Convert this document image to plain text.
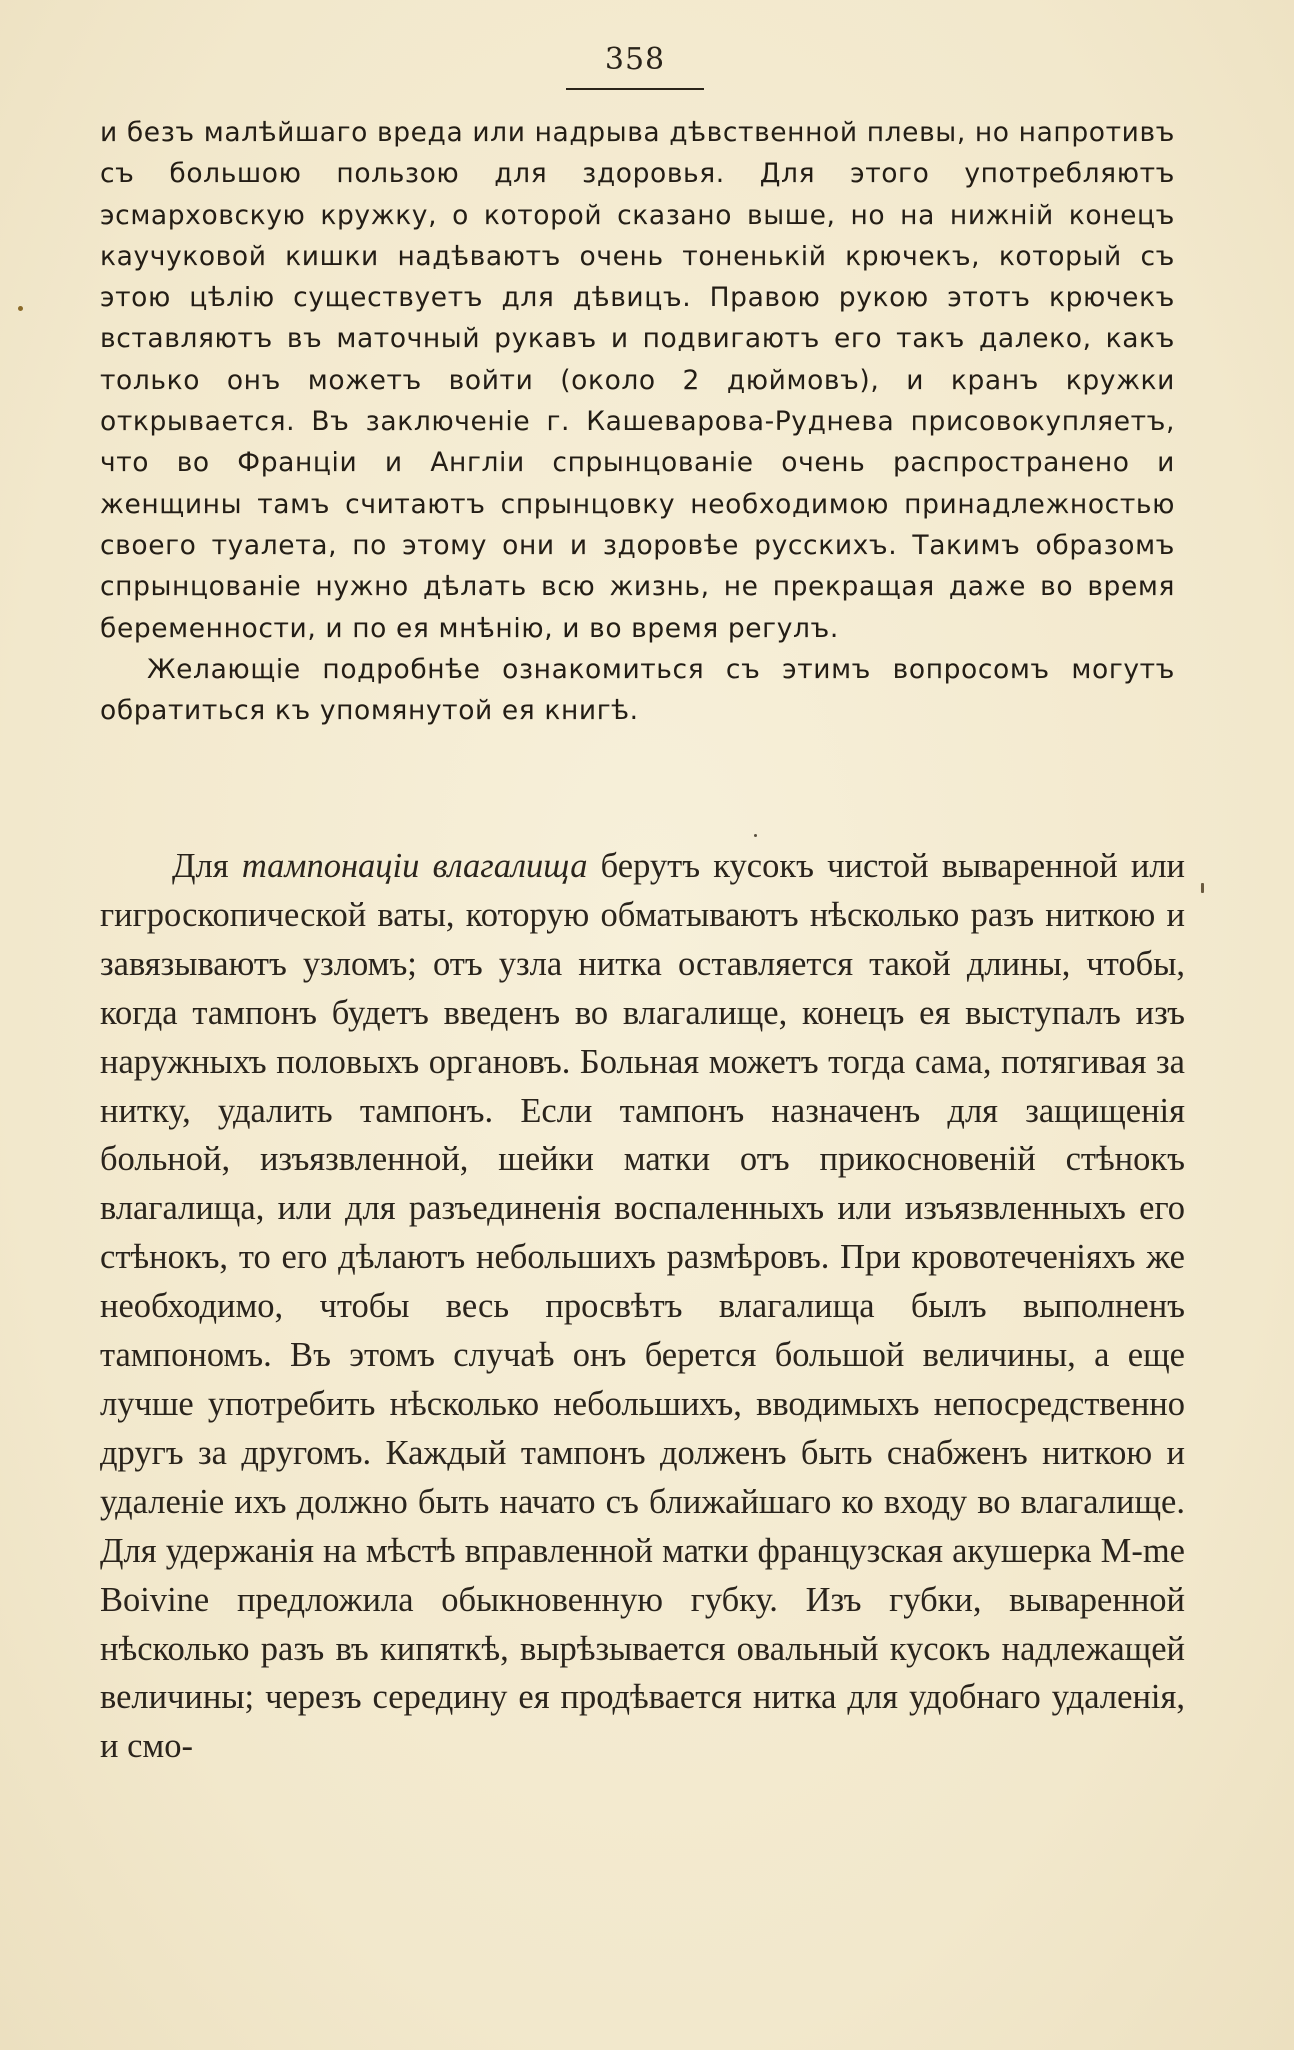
358

и безъ малѣйшаго вреда или надрыва дѣвственной плевы, но напротивъ съ большою пользою для здоровья. Для этого употребляютъ эсмарховскую кружку, о которой сказано выше, но на нижній конецъ каучуковой кишки надѣваютъ очень тоненькій крючекъ, который съ этою цѣлію существуетъ для дѣвицъ. Правою рукою этотъ крючекъ вставляютъ въ маточный рукавъ и подвигаютъ его такъ далеко, какъ только онъ можетъ войти (около 2 дюймовъ), и кранъ кружки открывается. Въ заключеніе г. Кашеварова-Руднева присовокупляетъ, что во Франціи и Англіи спрынцованіе очень распространено и женщины тамъ считаютъ спрынцовку необходимою принадлежностью своего туалета, по этому они и здоровѣе русскихъ. Такимъ образомъ спрынцованіе нужно дѣлать всю жизнь, не прекращая даже во время беременности, и по ея мнѣнію, и во время регулъ.

Желающіе подробнѣе ознакомиться съ этимъ вопросомъ могутъ обратиться къ упомянутой ея книгѣ.

Для тампонаціи влагалища берутъ кусокъ чистой вываренной или гигроскопической ваты, которую обматываютъ нѣсколько разъ ниткою и завязываютъ узломъ; отъ узла нитка оставляется такой длины, чтобы, когда тампонъ будетъ введенъ во влагалище, конецъ ея выступалъ изъ наружныхъ половыхъ органовъ. Больная можетъ тогда сама, потягивая за нитку, удалить тампонъ. Если тампонъ назначенъ для защищенія больной, изъязвленной, шейки матки отъ прикосновеній стѣнокъ влагалища, или для разъединенія воспаленныхъ или изъязвленныхъ его стѣнокъ, то его дѣлаютъ небольшихъ размѣровъ. При кровотеченіяхъ же необходимо, чтобы весь просвѣтъ влагалища былъ выполненъ тампономъ. Въ этомъ случаѣ онъ берется большой величины, а еще лучше употребить нѣсколько небольшихъ, вводимыхъ непосредственно другъ за другомъ. Каждый тампонъ долженъ быть снабженъ ниткою и удаленіе ихъ должно быть начато съ ближайшаго ко входу во влагалище. Для удержанія на мѣстѣ вправленной матки французская акушерка M-me Boivine предложила обыкновенную губку. Изъ губки, вываренной нѣсколько разъ въ кипяткѣ, вырѣзывается овальный кусокъ надлежащей величины; черезъ середину ея продѣвается нитка для удобнаго удаленія, и смо-
